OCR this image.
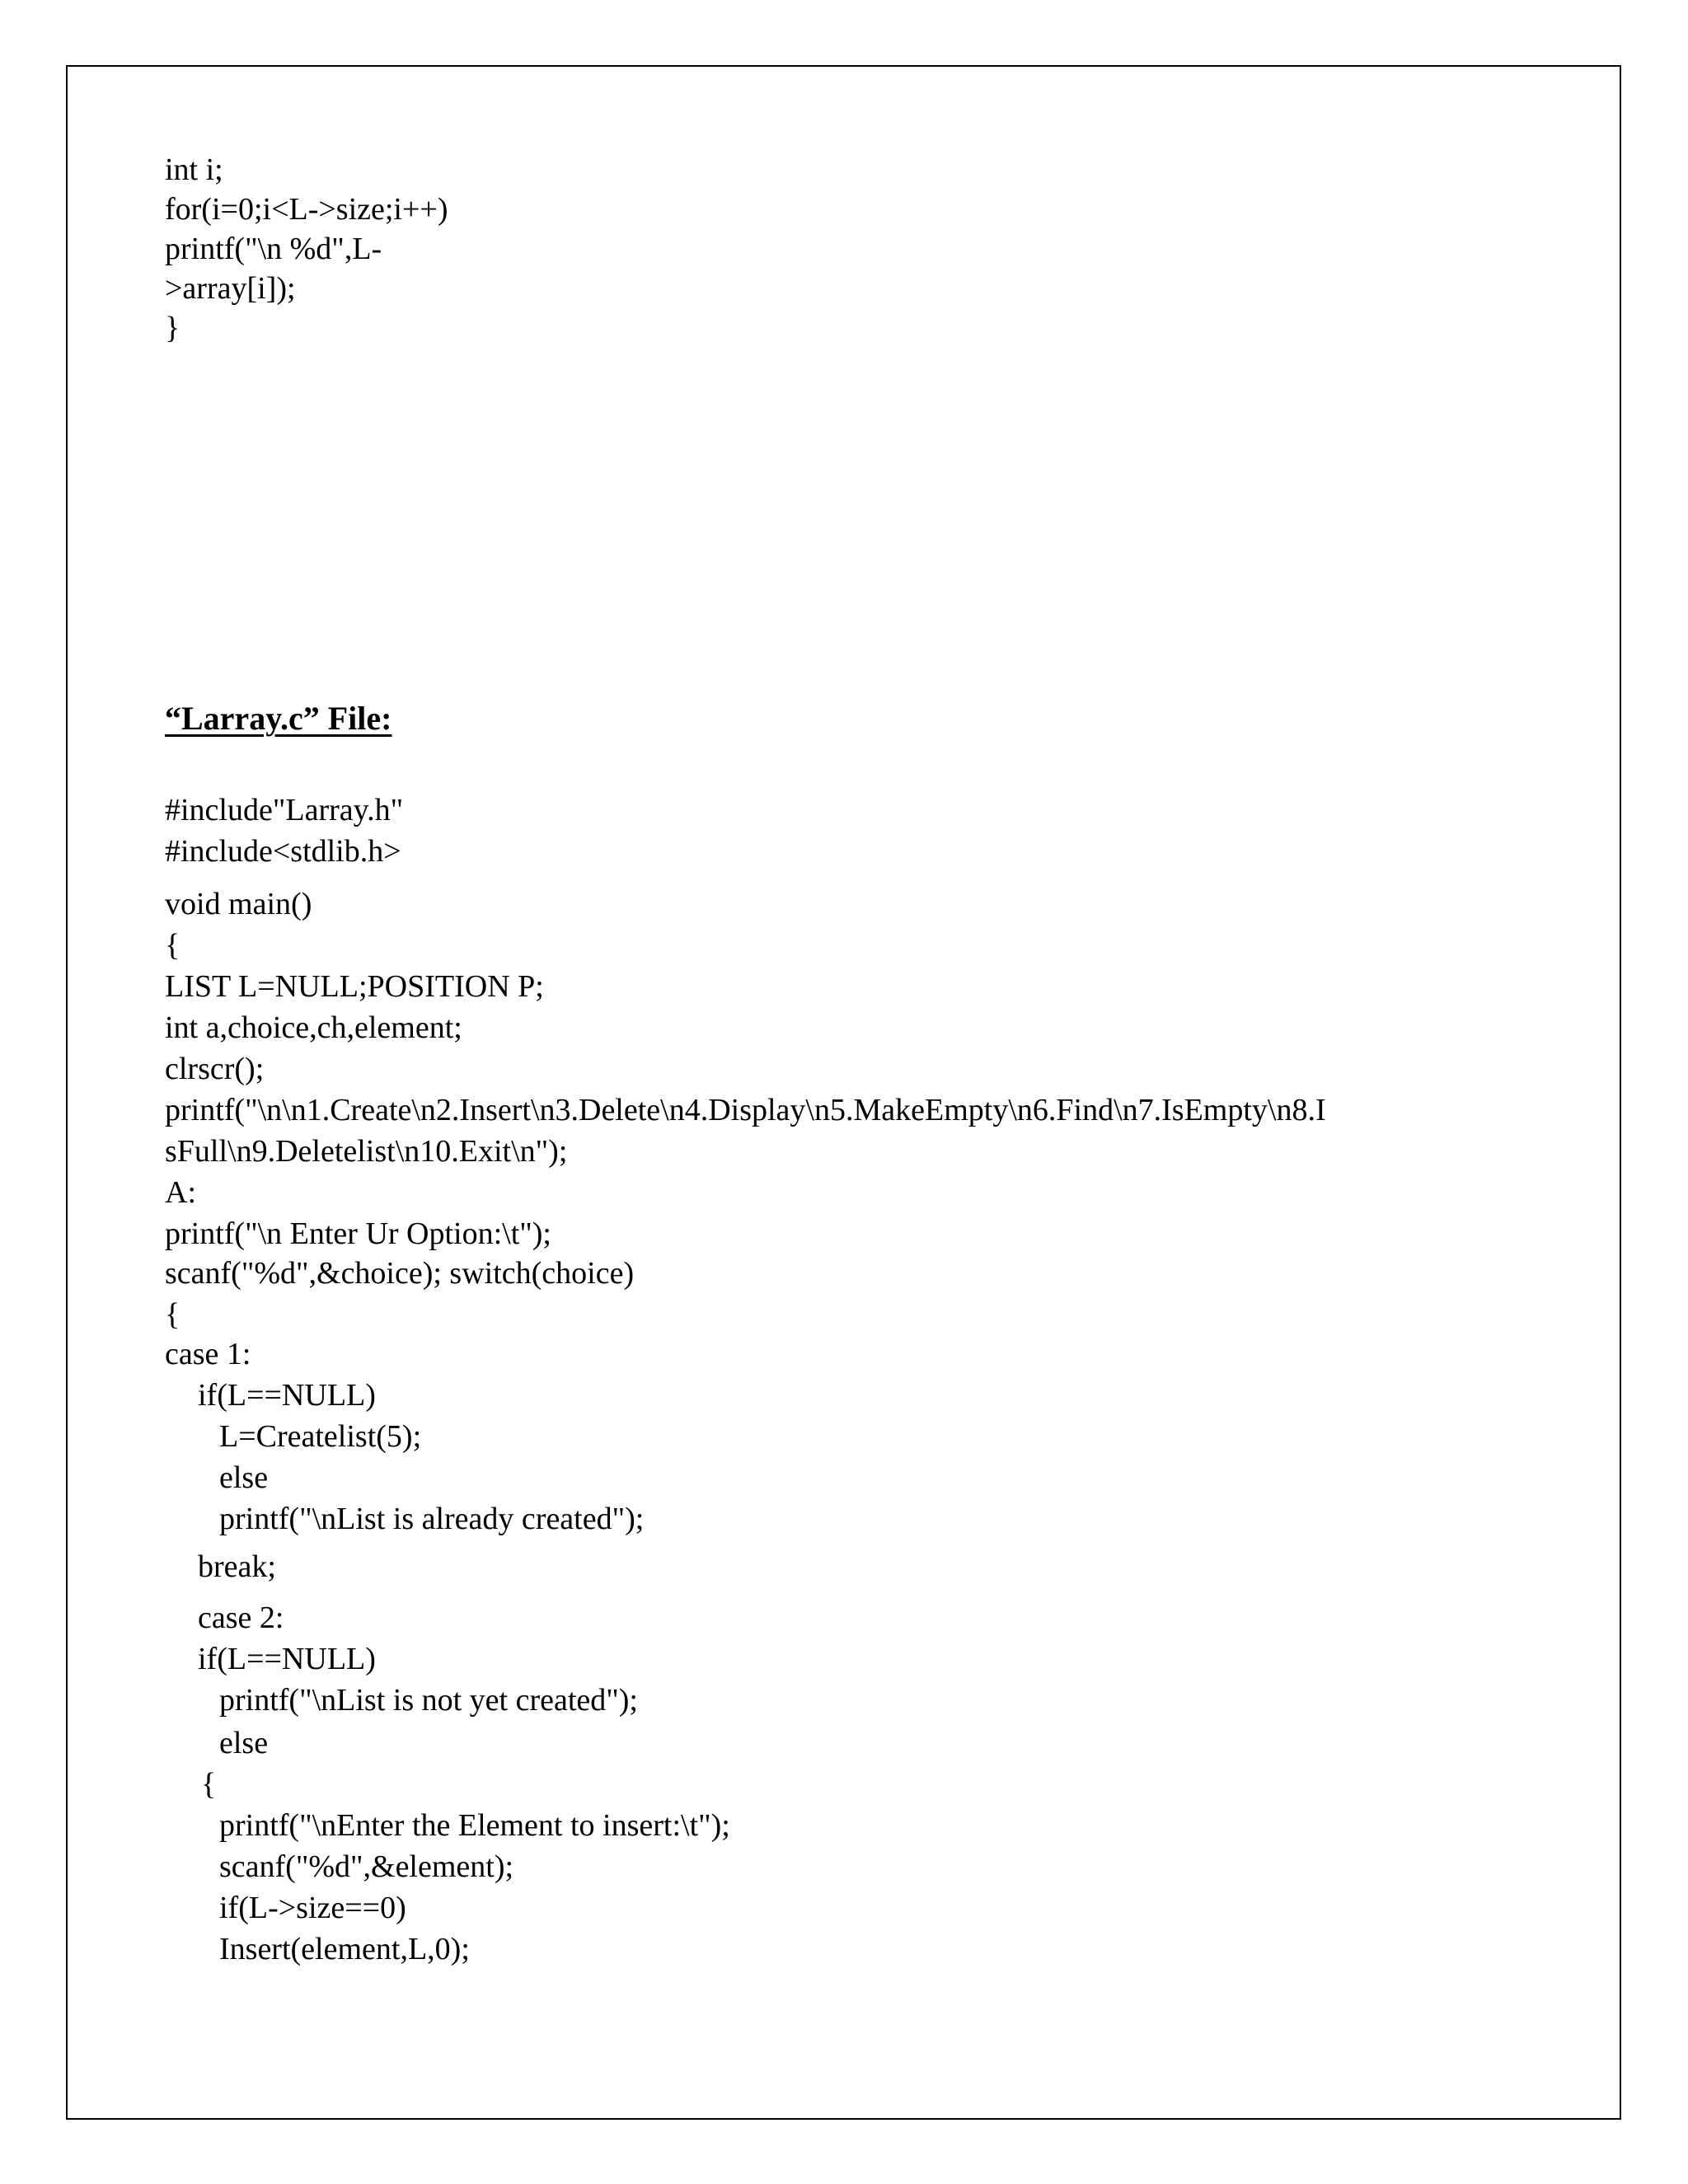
int i;
for(i=0;i<L->size;i++)
printf("\n %d",L-
>array[i]);
}
“Larray.c” File:
#include"Larray.h"
#include<stdlib.h>
void main()
{
LIST L=NULL;POSITION P;
int a,choice,ch,element;
clrscr();
printf("\n\n1.Create\n2.Insert\n3.Delete\n4.Display\n5.MakeEmpty\n6.Find\n7.IsEmpty\n8.I
sFull\n9.Deletelist\n10.Exit\n");
A:
printf("\n Enter Ur Option:\t");
scanf("%d",&choice); switch(choice)
{
case 1:
if(L==NULL)
L=Createlist(5);
else
printf("\nList is already created");
break;
case 2:
if(L==NULL)
printf("\nList is not yet created");
else
{
printf("\nEnter the Element to insert:\t");
scanf("%d",&element);
if(L->size==0)
Insert(element,L,0);
